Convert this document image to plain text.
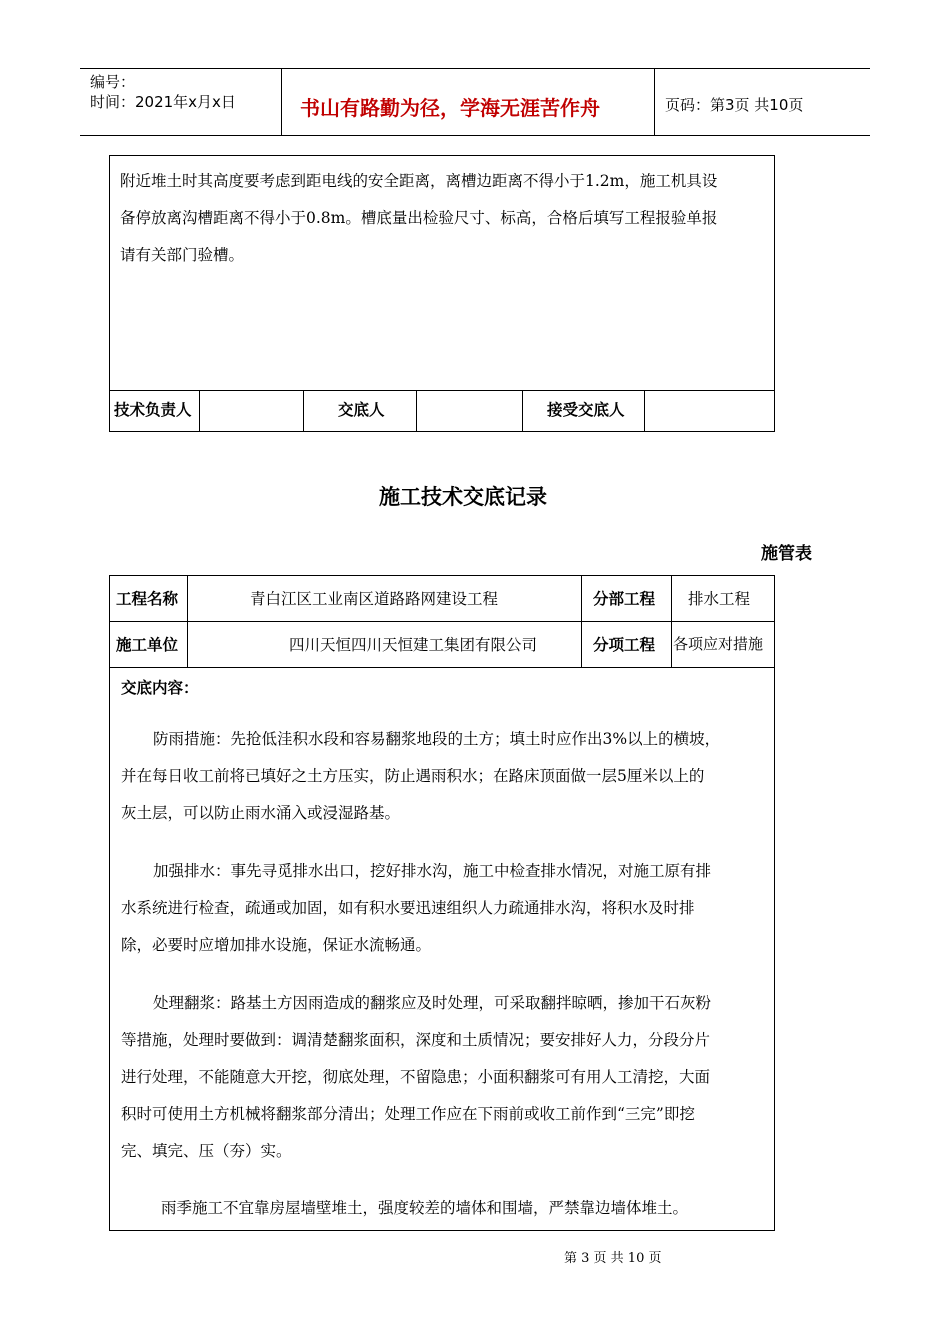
编号：
时间：2021年x月x日	书山有路勤为径，学海无涯苦作舟	页码：第3页 共10页
附近堆土时其高度要考虑到距电线的安全距离，离槽边距离不得小于1.2m，施工机具设
备停放离沟槽距离不得小于0.8m。槽底量出检验尺寸、标高，合格后填写工程报验单报
请有关部门验槽。
技术负责人	交底人	接受交底人
施工技术交底记录
施管表
工程名称	青白江区工业南区道路路网建设工程	分部工程 排水工程
施工单位	四川天恒四川天恒建工集团有限公司	分项工程 各项应对措施
交底内容：
防雨措施：先抢低洼积水段和容易翻浆地段的土方；填土时应作出3%以上的横坡，
并在每日收工前将已填好之土方压实，防止遇雨积水；在路床顶面做一层5厘米以上的
灰土层，可以防止雨水涌入或浸湿路基。
加强排水：事先寻觅排水出口，挖好排水沟，施工中检查排水情况，对施工原有排
水系统进行检查，疏通或加固，如有积水要迅速组织人力疏通排水沟，将积水及时排
除，必要时应增加排水设施，保证水流畅通。
处理翻浆：路基土方因雨造成的翻浆应及时处理，可采取翻拌晾晒，掺加干石灰粉
等措施，处理时要做到：调清楚翻浆面积，深度和土质情况；要安排好人力，分段分片
进行处理，不能随意大开挖，彻底处理，不留隐患；小面积翻浆可有用人工清挖，大面
积时可使用土方机械将翻浆部分清出；处理工作应在下雨前或收工前作到“三完”即挖
完、填完、压（夯）实。
雨季施工不宜靠房屋墙壁堆土，强度较差的墙体和围墙，严禁靠边墙体堆土。
第 3 页 共 10 页
